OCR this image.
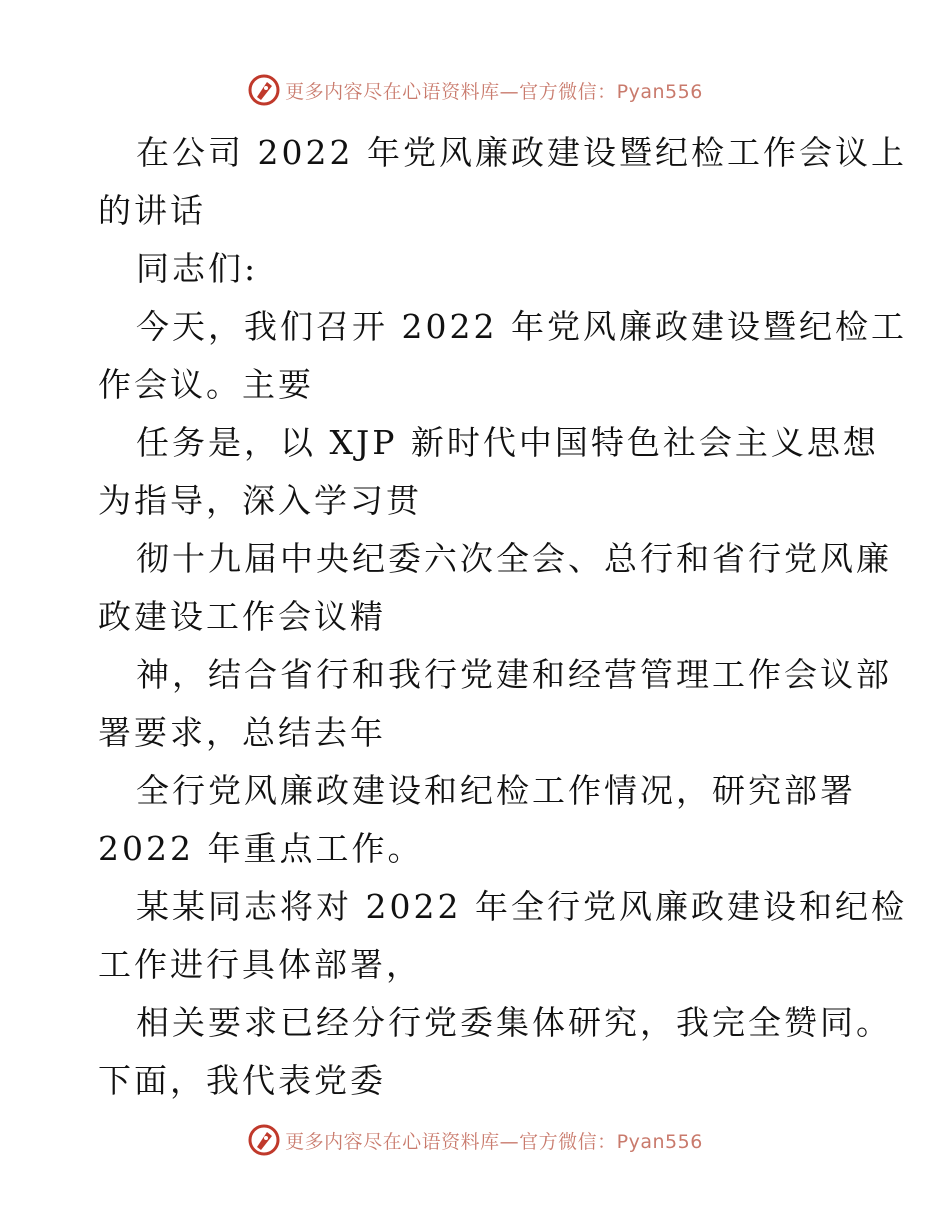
更多内容尽在心语资料库—官方微信：Pyan556
在公司 2022 年党风廉政建设暨纪检工作会议上
的讲话
同志们:
今天，我们召开 2022 年党风廉政建设暨纪检工
作会议。主要
任务是，以 XJP 新时代中国特色社会主义思想
为指导，深入学习贯
彻十九届中央纪委六次全会、总行和省行党风廉
政建设工作会议精
神，结合省行和我行党建和经营管理工作会议部
署要求，总结去年
全行党风廉政建设和纪检工作情况，研究部署
2022 年重点工作。
某某同志将对 2022 年全行党风廉政建设和纪检
工作进行具体部署，
相关要求已经分行党委集体研究，我完全赞同。
下面，我代表党委
更多内容尽在心语资料库—官方微信：Pyan556
